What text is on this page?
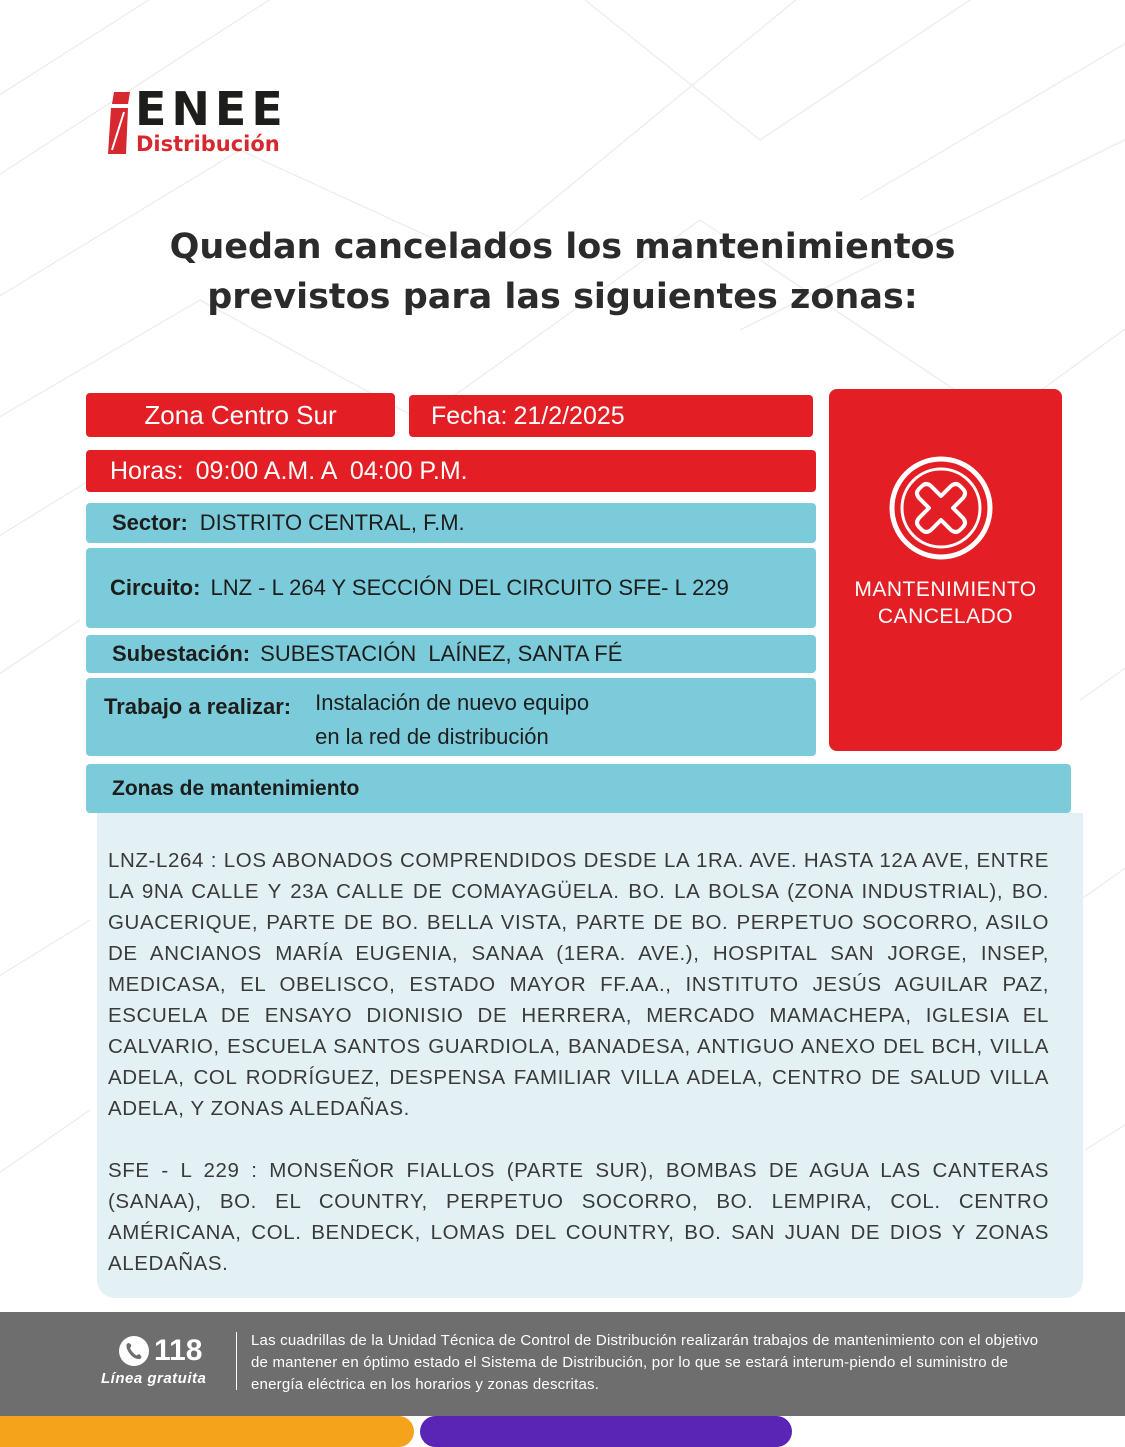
ENEE
Distribución
Quedan cancelados los mantenimientos
previstos para las siguientes zonas:
Zona Centro Sur	Fecha: 21/2/2025
Horas: 09:00 A.M. A  04:00 P.M.
Sector: DISTRITO CENTRAL, F.M.
Circuito: LNZ - L 264 Y SECCIÓN DEL CIRCUITO SFE- L 229
Subestación: SUBESTACIÓN  LAÍNEZ, SANTA FÉ
Trabajo a realizar: Instalación de nuevo equipo
en la red de distribución
MANTENIMIENTO
CANCELADO
Zonas de mantenimiento

LNZ-L264 : LOS ABONADOS COMPRENDIDOS DESDE LA 1RA. AVE. HASTA 12A AVE, ENTRE LA 9NA CALLE Y 23A CALLE DE COMAYAGÜELA. BO. LA BOLSA (ZONA INDUSTRIAL), BO. GUACERIQUE, PARTE DE BO. BELLA VISTA, PARTE DE BO. PERPETUO SOCORRO, ASILO DE ANCIANOS MARÍA EUGENIA, SANAA (1ERA. AVE.), HOSPITAL SAN JORGE, INSEP, MEDICASA, EL OBELISCO, ESTADO MAYOR FF.AA., INSTITUTO JESÚS AGUILAR PAZ, ESCUELA DE ENSAYO DIONISIO DE HERRERA, MERCADO MAMACHEPA, IGLESIA EL CALVARIO, ESCUELA SANTOS GUARDIOLA, BANADESA, ANTIGUO ANEXO DEL BCH, VILLA ADELA, COL RODRÍGUEZ, DESPENSA FAMILIAR VILLA ADELA, CENTRO DE SALUD VILLA ADELA, Y ZONAS ALEDAÑAS.

SFE - L 229 : MONSEÑOR FIALLOS (PARTE SUR), BOMBAS DE AGUA LAS CANTERAS (SANAA), BO. EL COUNTRY, PERPETUO SOCORRO, BO. LEMPIRA, COL. CENTRO AMÉRICANA, COL. BENDECK, LOMAS DEL COUNTRY, BO. SAN JUAN DE DIOS Y ZONAS ALEDAÑAS.

118
Línea gratuita
Las cuadrillas de la Unidad Técnica de Control de Distribución realizarán trabajos de mantenimiento con el objetivo de mantener en óptimo estado el Sistema de Distribución, por lo que se estará interum-piendo el suministro de energía eléctrica en los horarios y zonas descritas.
